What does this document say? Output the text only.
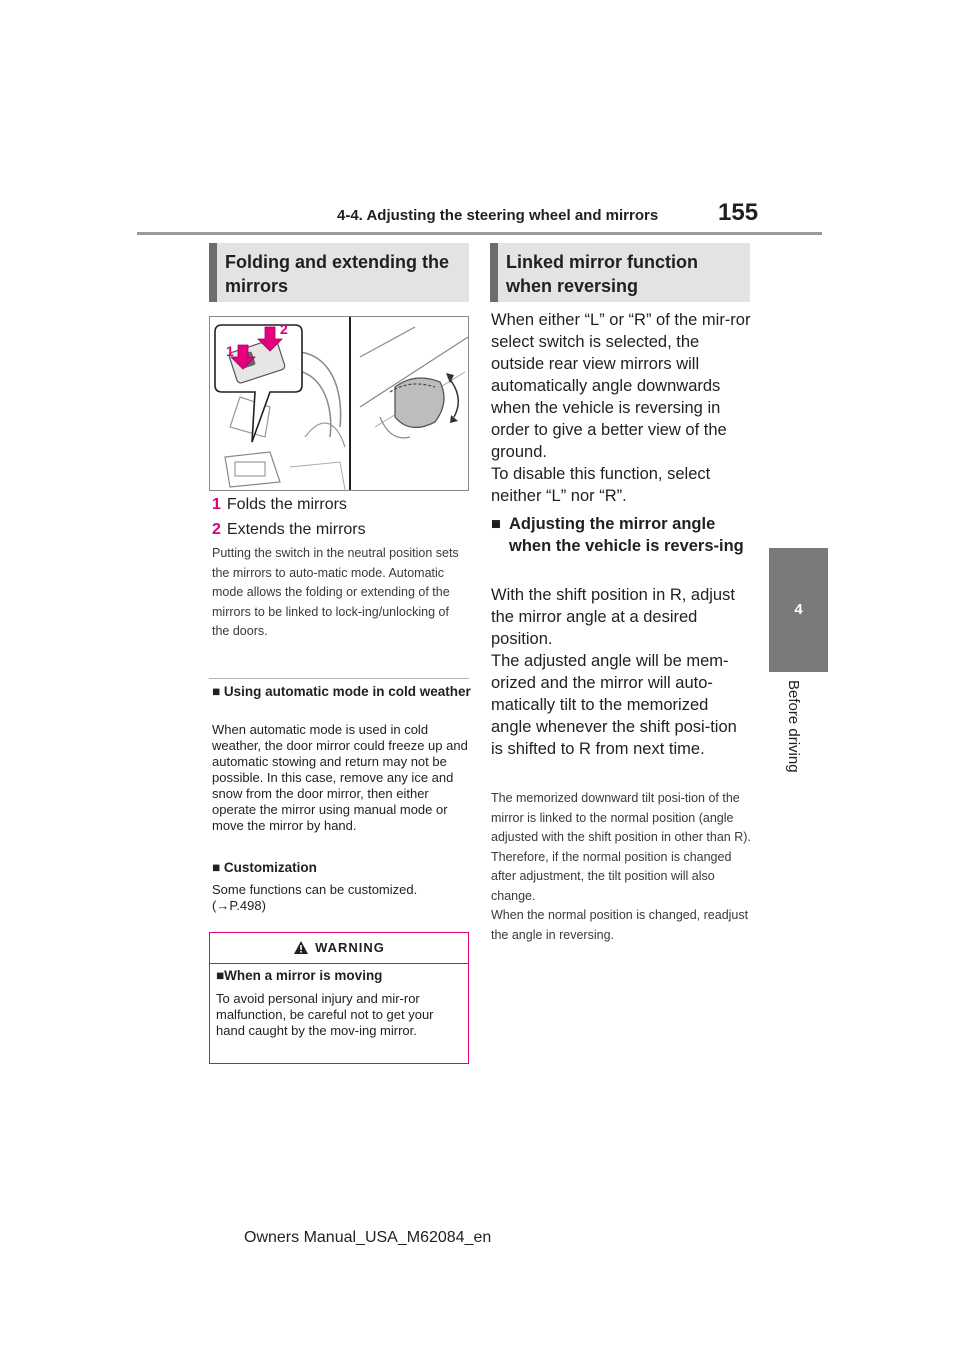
4-4. Adjusting the steering wheel and mirrors 155
4
Before driving
Folding and extending the mirrors
1
2
1 Folds the mirrors
2 Extends the mirrors
Putting the switch in the neutral position sets the mirrors to auto-matic mode. Automatic mode allows the folding or extending of the mirrors to be linked to lock-ing/unlocking of the doors.
■ Using automatic mode in cold weather
When automatic mode is used in cold weather, the door mirror could freeze up and automatic stowing and return may not be possible. In this case, remove any ice and snow from the door mirror, then either operate the mirror using manual mode or move the mirror by hand.
■ Customization
Some functions can be customized. (→P.498)
WARNING
■When a mirror is moving
To avoid personal injury and mir-ror malfunction, be careful not to get your hand caught by the mov-ing mirror.
Linked mirror function when reversing
When either “L” or “R” of the mir-ror select switch is selected, the outside rear view mirrors will automatically angle downwards when the vehicle is reversing in order to give a better view of the ground.
To disable this function, select neither “L” nor “R”.
■ Adjusting the mirror angle when the vehicle is revers-ing
With the shift position in R, adjust the mirror angle at a desired position.
The adjusted angle will be mem-orized and the mirror will auto-matically tilt to the memorized angle whenever the shift posi-tion is shifted to R from next time.
The memorized downward tilt posi-tion of the mirror is linked to the normal position (angle adjusted with the shift position in other than R). Therefore, if the normal position is changed after adjustment, the tilt position will also change.
When the normal position is changed, readjust the angle in reversing.
Owners Manual_USA_M62084_en
